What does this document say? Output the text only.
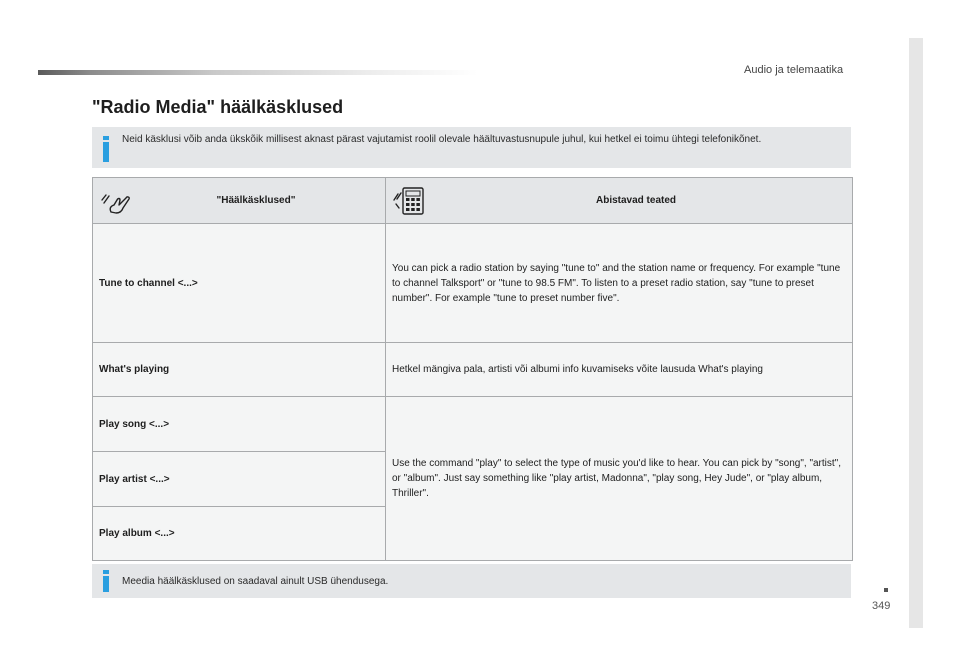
Audio ja telemaatika
349
"Radio Media" häälkäsklused
Neid käsklusi võib anda ükskõik millisest aknast pärast vajutamist roolil olevale häältuvastusnupule juhul, kui hetkel ei toimu ühtegi telefonikõnet.
"Häälkäsklused"	Abistavad teated

Tune to channel <...>	You can pick a radio station by saying "tune to" and the station name or frequency. For example "tune to channel Talksport" or "tune to 98.5 FM". To listen to a preset radio station, say "tune to preset number". For example "tune to preset number five".
What's playing	Hetkel mängiva pala, artisti või albumi info kuvamiseks võite lausuda What's playing
Play song <...>	Use the command "play" to select the type of music you'd like to hear. You can pick by "song", "artist", or "album". Just say something like "play artist, Madonna", "play song, Hey Jude", or "play album, Thriller".
Play artist <...>	
Play album <...>	
Meedia häälkäsklused on saadaval ainult USB ühendusega.
